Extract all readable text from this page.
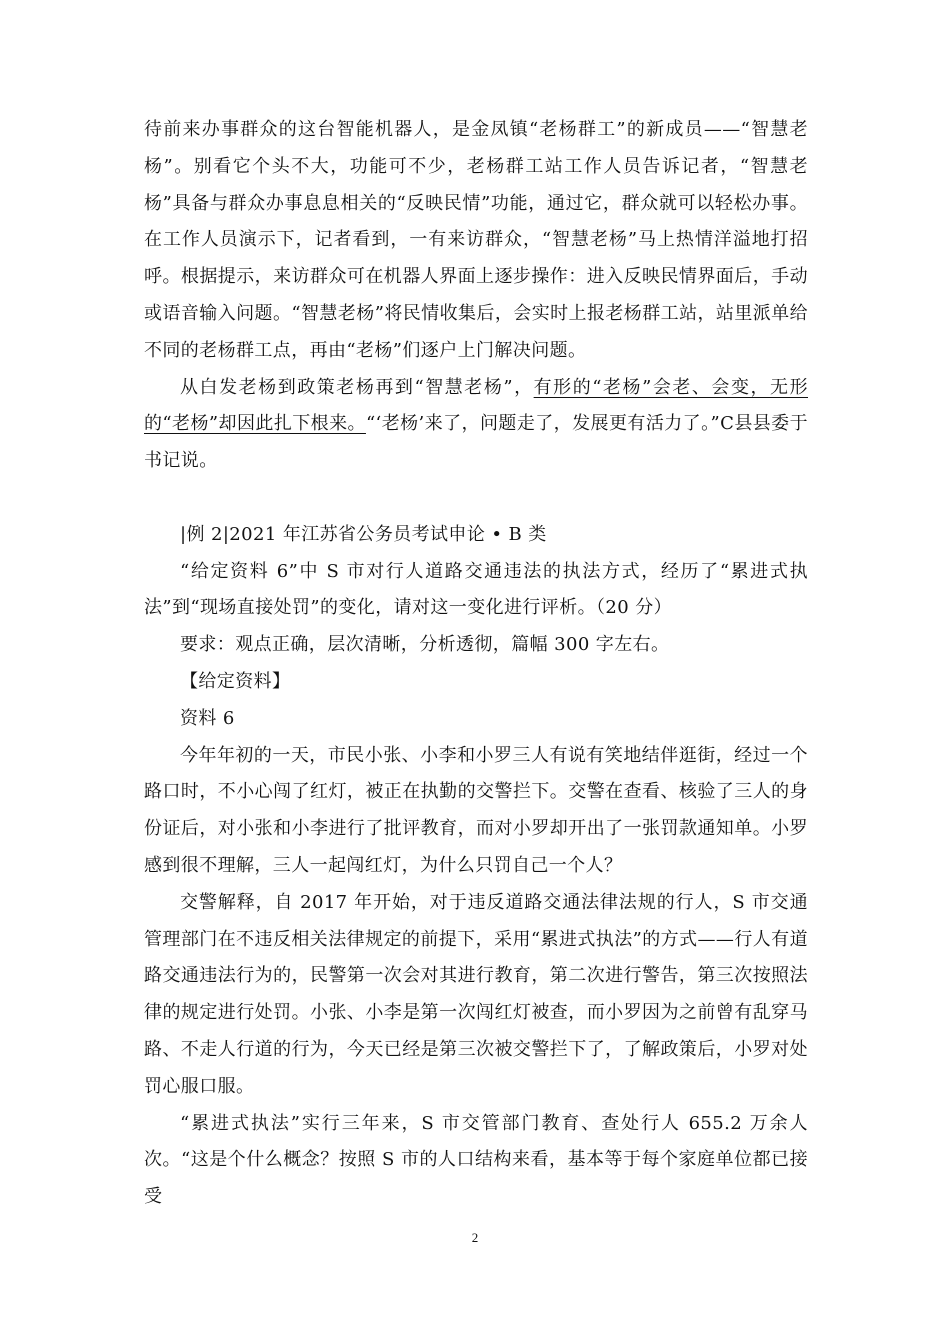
待前来办事群众的这台智能机器人，是金凤镇“老杨群工”的新成员——“智慧老杨”。别看它个头不大，功能可不少，老杨群工站工作人员告诉记者，“智慧老杨”具备与群众办事息息相关的“反映民情”功能，通过它，群众就可以轻松办事。在工作人员演示下，记者看到，一有来访群众，“智慧老杨”马上热情洋溢地打招呼。根据提示，来访群众可在机器人界面上逐步操作：进入反映民情界面后，手动或语音输入问题。“智慧老杨”将民情收集后，会实时上报老杨群工站，站里派单给不同的老杨群工点，再由“老杨”们逐户上门解决问题。

从白发老杨到政策老杨再到“智慧老杨”，有形的“老杨”会老、会变，无形的“老杨”却因此扎下根来。“‘老杨’来了，问题走了，发展更有活力了。”C县县委于书记说。

|例 2|2021 年江苏省公务员考试申论 • B 类

“给定资料 6”中 S 市对行人道路交通违法的执法方式，经历了“累进式执法”到“现场直接处罚”的变化，请对这一变化进行评析。（20 分）

要求：观点正确，层次清晰，分析透彻，篇幅 300 字左右。

【给定资料】

资料 6

今年年初的一天，市民小张、小李和小罗三人有说有笑地结伴逛街，经过一个路口时，不小心闯了红灯，被正在执勤的交警拦下。交警在查看、核验了三人的身份证后，对小张和小李进行了批评教育，而对小罗却开出了一张罚款通知单。小罗感到很不理解，三人一起闯红灯，为什么只罚自己一个人？

交警解释，自 2017 年开始，对于违反道路交通法律法规的行人，S 市交通管理部门在不违反相关法律规定的前提下，采用“累进式执法”的方式——行人有道路交通违法行为的，民警第一次会对其进行教育，第二次进行警告，第三次按照法律的规定进行处罚。小张、小李是第一次闯红灯被查，而小罗因为之前曾有乱穿马路、不走人行道的行为，今天已经是第三次被交警拦下了，了解政策后，小罗对处罚心服口服。

“累进式执法”实行三年来，S 市交管部门教育、查处行人 655.2 万余人次。“这是个什么概念？按照 S 市的人口结构来看，基本等于每个家庭单位都已接受

2
